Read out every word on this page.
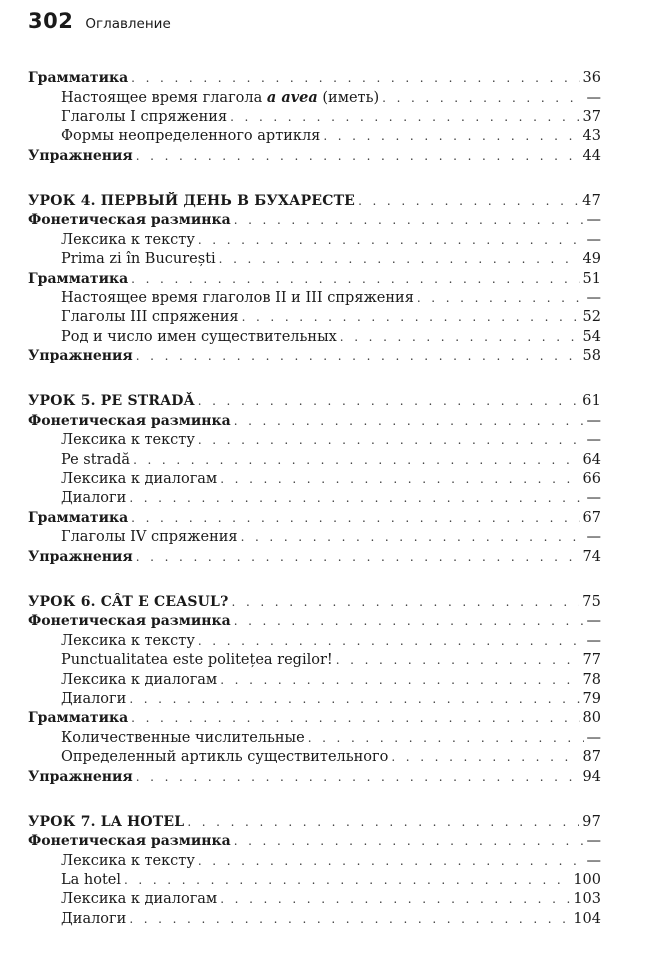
302 Оглавление
Грамматика . . .	36
Настоящее время глагола a avea (иметь) . . .	—
Глаголы I спряжения . . .	37
Формы неопределенного артикля . . .	43
Упражнения . . .	44
УРОК 4. ПЕРВЫЙ ДЕНЬ В БУХАРЕСТЕ . . .	47
Фонетическая разминка . . .	—
Лексика к тексту . . .	—
Prima zi în București . . .	49
Грамматика . . .	51
Настоящее время глаголов II и III спряжения . . .	—
Глаголы III спряжения . . .	52
Род и число имен существительных . . .	54
Упражнения . . .	58
УРОК 5. PE STRADĂ . . .	61
Фонетическая разминка . . .	—
Лексика к тексту . . .	—
Pe stradă . . .	64
Лексика к диалогам . . .	66
Диалоги . . .	—
Грамматика . . .	67
Глаголы IV спряжения . . .	—
Упражнения . . .	74
УРОК 6. CÂT E CEASUL? . . .	75
Фонетическая разминка . . .	—
Лексика к тексту . . .	—
Punctualitatea este politețea regilor! . . .	77
Лексика к диалогам . . .	78
Диалоги . . .	79
Грамматика . . .	80
Количественные числительные . . .	—
Определенный артикль существительного . . .	87
Упражнения . . .	94
УРОК 7. LA HOTEL . . .	97
Фонетическая разминка . . .	—
Лексика к тексту . . .	—
La hotel . . .	100
Лексика к диалогам . . .	103
Диалоги . . .	104
